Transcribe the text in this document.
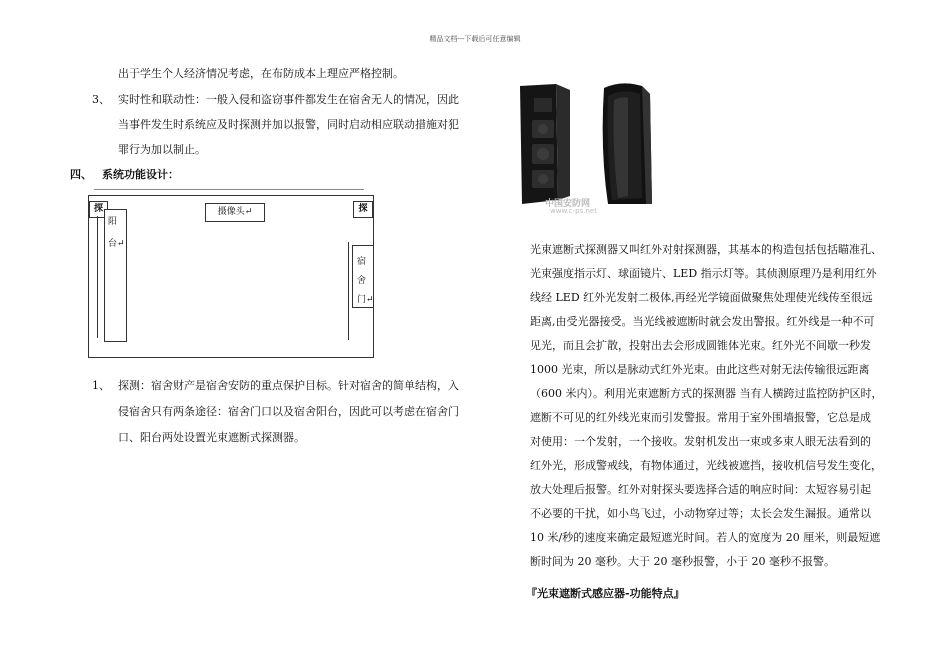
精品文档---下载后可任意编辑
出于学生个人经济情况考虑，在布防成本上理应严格控制。
3、 实时性和联动性：一般入侵和盗窃事件都发生在宿舍无人的情况，因此
当事件发生时系统应及时探测并加以报警，同时启动相应联动措施对犯
罪行为加以制止。
四、 系统功能设计：
探	探
摄像头↵
阳
台↵
宿
舍
门↵
1、 探测：宿舍财产是宿舍安防的重点保护目标。针对宿舍的简单结构，入
侵宿舍只有两条途径：宿舍门口以及宿舍阳台，因此可以考虑在宿舍门
口、阳台两处设置光束遮断式探测器。
中国安防网
www.c-ps.net
光束遮断式探测器又叫红外对射探测器，其基本的构造包括包括瞄准孔、
光束强度指示灯、球面镜片、LED 指示灯等。其侦测原理乃是利用红外
线经 LED 红外光发射二极体,再经光学镜面做聚焦处理使光线传至很远
距离,由受光器接受。当光线被遮断时就会发出警报。红外线是一种不可
见光，而且会扩散，投射出去会形成圆锥体光束。红外光不间歇一秒发
1000 光束，所以是脉动式红外光束。由此这些对射无法传输很远距离
（600 米内）。利用光束遮断方式的探测器 当有人横跨过监控防护区时，
遮断不可见的红外线光束而引发警报。常用于室外围墙报警，它总是成
对使用：一个发射，一个接收。发射机发出一束或多束人眼无法看到的
红外光，形成警戒线，有物体通过，光线被遮挡，接收机信号发生变化，
放大处理后报警。红外对射探头要选择合适的响应时间：太短容易引起
不必要的干扰，如小鸟飞过，小动物穿过等；太长会发生漏报。通常以
10 米/秒的速度来确定最短遮光时间。若人的宽度为 20 厘米，则最短遮
断时间为 20 毫秒。大于 20 毫秒报警，小于 20 毫秒不报警。
『光束遮断式感应器-功能特点』
